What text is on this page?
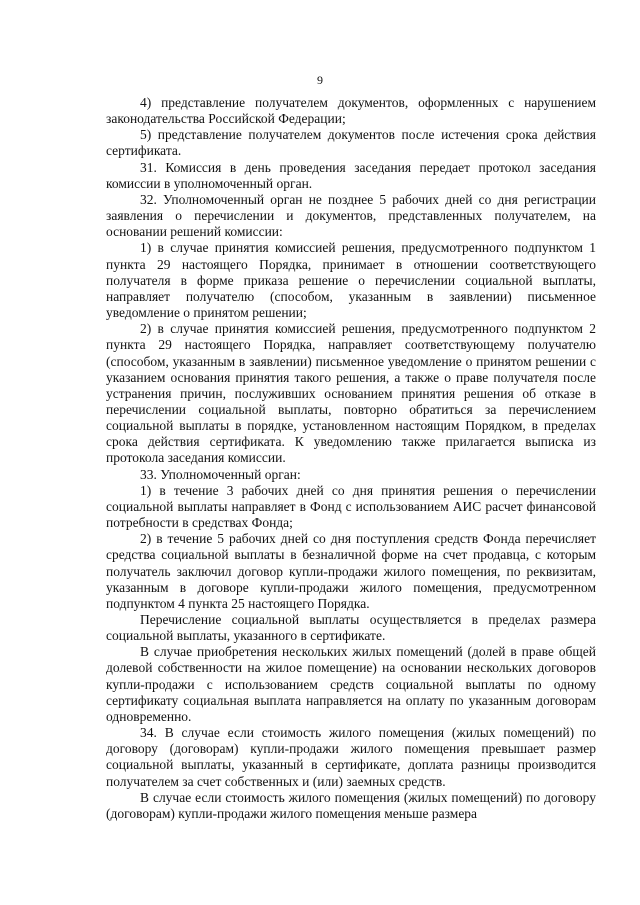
9

4) представление получателем документов, оформленных с нарушением законодательства Российской Федерации;

5) представление получателем документов после истечения срока действия сертификата.

31. Комиссия в день проведения заседания передает протокол заседания комиссии в уполномоченный орган.

32. Уполномоченный орган не позднее 5 рабочих дней со дня регистрации заявления о перечислении и документов, представленных получателем, на основании решений комиссии:

1) в случае принятия комиссией решения, предусмотренного подпунктом 1 пункта 29 настоящего Порядка, принимает в отношении соответствующего получателя в форме приказа решение о перечислении социальной выплаты, направляет получателю (способом, указанным в заявлении) письменное уведомление о принятом решении;

2) в случае принятия комиссией решения, предусмотренного подпунктом 2 пункта 29 настоящего Порядка, направляет соответствующему получателю (способом, указанным в заявлении) письменное уведомление о принятом решении с указанием основания принятия такого решения, а также о праве получателя после устранения причин, послуживших основанием принятия решения об отказе в перечислении социальной выплаты, повторно обратиться за перечислением социальной выплаты в порядке, установленном настоящим Порядком, в пределах срока действия сертификата. К уведомлению также прилагается выписка из протокола заседания комиссии.

33. Уполномоченный орган:

1) в течение 3 рабочих дней со дня принятия решения о перечислении социальной выплаты направляет в Фонд с использованием АИС расчет финансовой потребности в средствах Фонда;

2) в течение 5 рабочих дней со дня поступления средств Фонда перечисляет средства социальной выплаты в безналичной форме на счет продавца, с которым получатель заключил договор купли-продажи жилого помещения, по реквизитам, указанным в договоре купли-продажи жилого помещения, предусмотренном подпунктом 4 пункта 25 настоящего Порядка.

Перечисление социальной выплаты осуществляется в пределах размера социальной выплаты, указанного в сертификате.

В случае приобретения нескольких жилых помещений (долей в праве общей долевой собственности на жилое помещение) на основании нескольких договоров купли-продажи с использованием средств социальной выплаты по одному сертификату социальная выплата направляется на оплату по указанным договорам одновременно.

34. В случае если стоимость жилого помещения (жилых помещений) по договору (договорам) купли-продажи жилого помещения превышает размер социальной выплаты, указанный в сертификате, доплата разницы производится получателем за счет собственных и (или) заемных средств.

В случае если стоимость жилого помещения (жилых помещений) по договору (договорам) купли-продажи жилого помещения меньше размера
